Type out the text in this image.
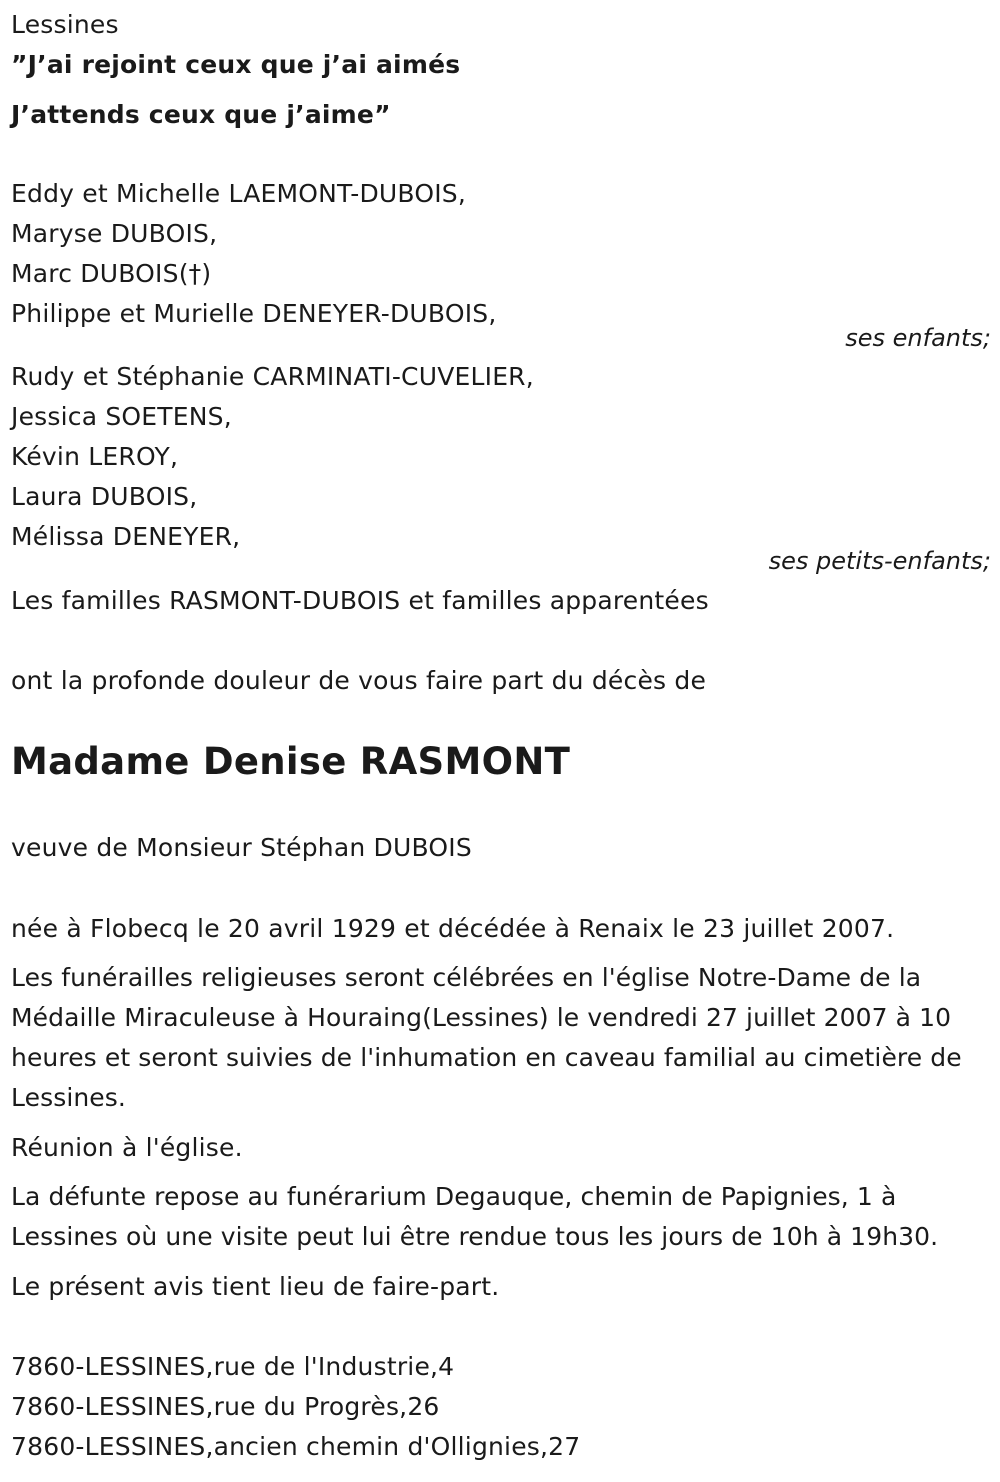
Lessines
”J’ai rejoint ceux que j’ai aimés
J’attends ceux que j’aime”
Eddy et Michelle LAEMONT-DUBOIS,
Maryse DUBOIS,
Marc DUBOIS(†)
Philippe et Murielle DENEYER-DUBOIS,
ses enfants;
Rudy et Stéphanie CARMINATI-CUVELIER,
Jessica SOETENS,
Kévin LEROY,
Laura DUBOIS,
Mélissa DENEYER,
ses petits-enfants;
Les familles RASMONT-DUBOIS et familles apparentées
ont la profonde douleur de vous faire part du décès de
Madame Denise RASMONT
veuve de Monsieur Stéphan DUBOIS
née à Flobecq le 20 avril 1929 et décédée à Renaix le 23 juillet 2007.
Les funérailles religieuses seront célébrées en l'église Notre-Dame de la Médaille Miraculeuse à Houraing(Lessines) le vendredi 27 juillet 2007 à 10 heures et seront suivies de l'inhumation en caveau familial au cimetière de Lessines.
Réunion à l'église.
La défunte repose au funérarium Degauque, chemin de Papignies, 1 à Lessines où une visite peut lui être rendue tous les jours de 10h à 19h30.
Le présent avis tient lieu de faire-part.
7860-LESSINES,rue de l'Industrie,4
7860-LESSINES,rue du Progrès,26
7860-LESSINES,ancien chemin d'Ollignies,27
